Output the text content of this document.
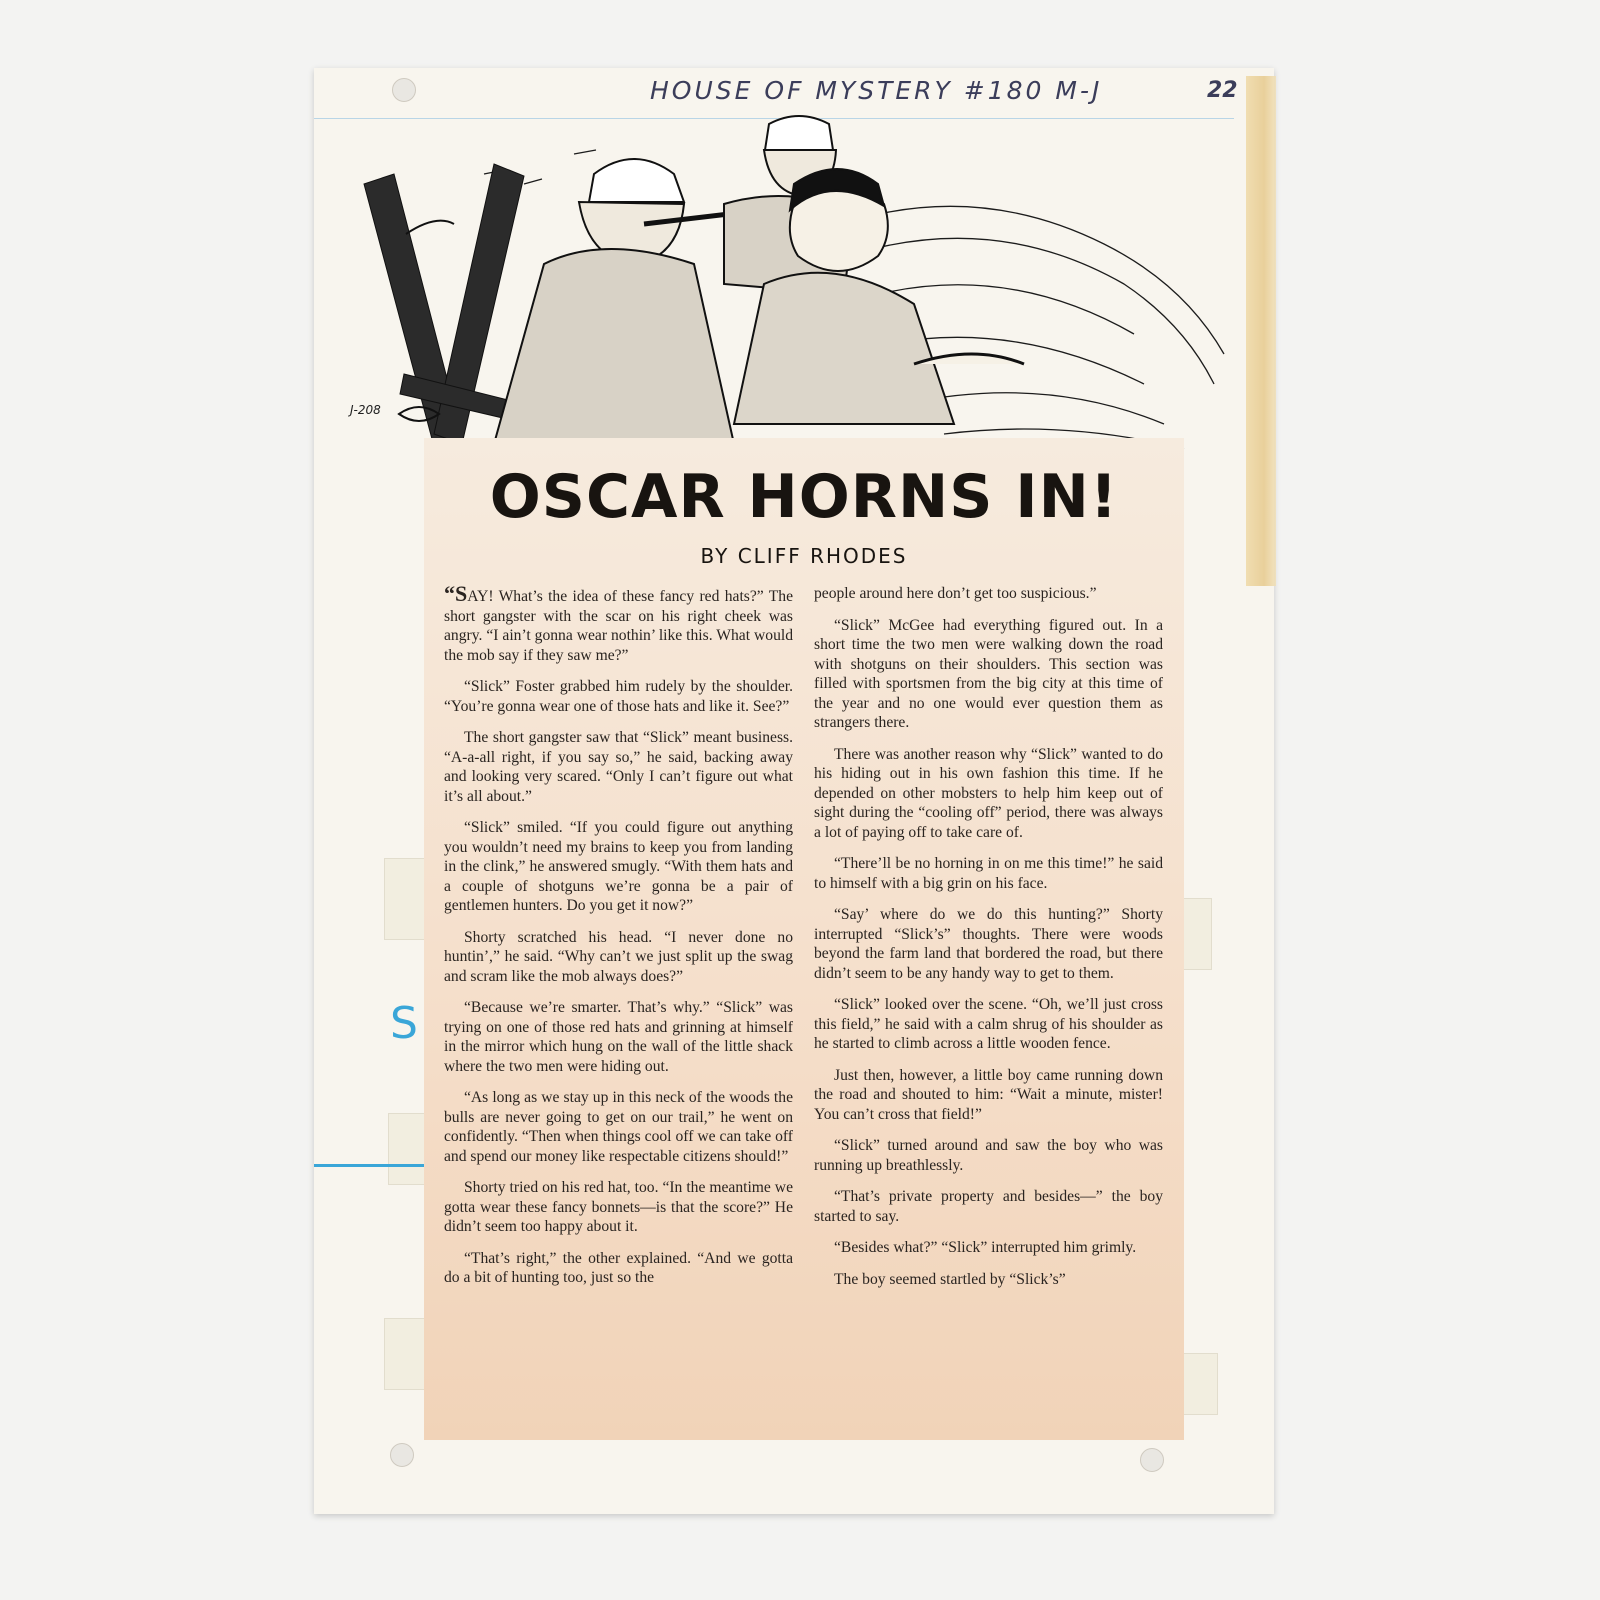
HOUSE OF MYSTERY #180 M-J	22
J-208
S
OSCAR HORNS IN!
BY CLIFF RHODES

“SAY! What’s the idea of these fancy red hats?” The short gangster with the scar on his right cheek was angry. “I ain’t gonna wear nothin’ like this. What would the mob say if they saw me?”

“Slick” Foster grabbed him rudely by the shoulder. “You’re gonna wear one of those hats and like it. See?”

The short gangster saw that “Slick” meant business. “A-a-all right, if you say so,” he said, backing away and looking very scared. “Only I can’t figure out what it’s all about.”

“Slick” smiled. “If you could figure out anything you wouldn’t need my brains to keep you from landing in the clink,” he answered smugly. “With them hats and a couple of shotguns we’re gonna be a pair of gentlemen hunters. Do you get it now?”

Shorty scratched his head. “I never done no huntin’,” he said. “Why can’t we just split up the swag and scram like the mob always does?”

“Because we’re smarter. That’s why.” “Slick” was trying on one of those red hats and grinning at himself in the mirror which hung on the wall of the little shack where the two men were hiding out.

“As long as we stay up in this neck of the woods the bulls are never going to get on our trail,” he went on confidently. “Then when things cool off we can take off and spend our money like respectable citizens should!”

Shorty tried on his red hat, too. “In the meantime we gotta wear these fancy bonnets—is that the score?” He didn’t seem too happy about it.

“That’s right,” the other explained. “And we gotta do a bit of hunting too, just so the

people around here don’t get too suspicious.”

“Slick” McGee had everything figured out. In a short time the two men were walking down the road with shotguns on their shoulders. This section was filled with sportsmen from the big city at this time of the year and no one would ever question them as strangers there.

There was another reason why “Slick” wanted to do his hiding out in his own fashion this time. If he depended on other mobsters to help him keep out of sight during the “cooling off” period, there was always a lot of paying off to take care of.

“There’ll be no horning in on me this time!” he said to himself with a big grin on his face.

“Say’ where do we do this hunting?” Shorty interrupted “Slick’s” thoughts. There were woods beyond the farm land that bordered the road, but there didn’t seem to be any handy way to get to them.

“Slick” looked over the scene. “Oh, we’ll just cross this field,” he said with a calm shrug of his shoulder as he started to climb across a little wooden fence.

Just then, however, a little boy came running down the road and shouted to him: “Wait a minute, mister! You can’t cross that field!”

“Slick” turned around and saw the boy who was running up breathlessly.

“That’s private property and besides—” the boy started to say.

“Besides what?” “Slick” interrupted him grimly.

The boy seemed startled by “Slick’s”
